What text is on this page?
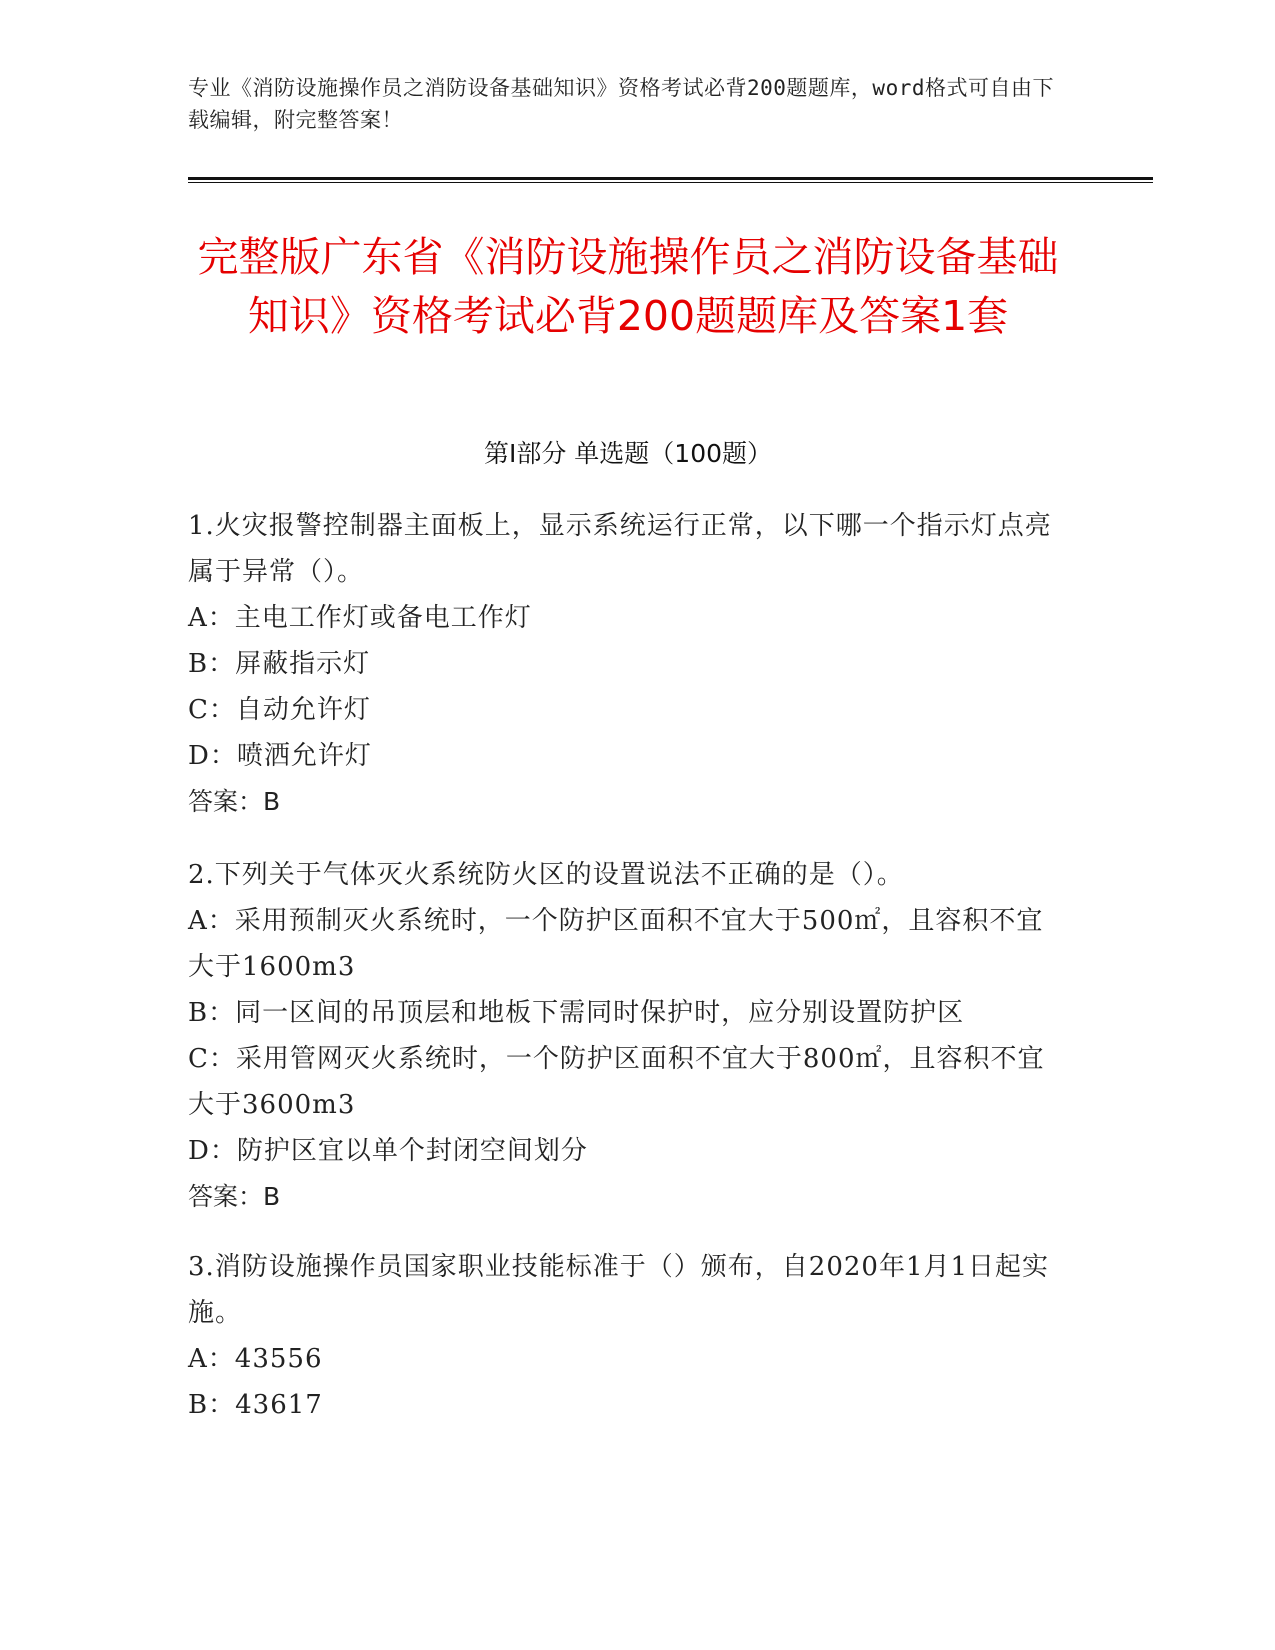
专业《消防设施操作员之消防设备基础知识》资格考试必背200题题库，word格式可自由下载编辑，附完整答案！
完整版广东省《消防设施操作员之消防设备基础知识》资格考试必背200题题库及答案1套
第I部分 单选题（100题）
1.火灾报警控制器主面板上，显示系统运行正常，以下哪一个指示灯点亮属于异常（）。
A：主电工作灯或备电工作灯
B：屏蔽指示灯
C：自动允许灯
D：喷洒允许灯
答案：B
2.下列关于气体灭火系统防火区的设置说法不正确的是（）。
A：采用预制灭火系统时，一个防护区面积不宜大于500㎡，且容积不宜大于1600m3
B：同一区间的吊顶层和地板下需同时保护时，应分别设置防护区
C：采用管网灭火系统时，一个防护区面积不宜大于800㎡，且容积不宜大于3600m3
D：防护区宜以单个封闭空间划分
答案：B
3.消防设施操作员国家职业技能标准于（）颁布，自2020年1月1日起实施。
A：43556
B：43617
